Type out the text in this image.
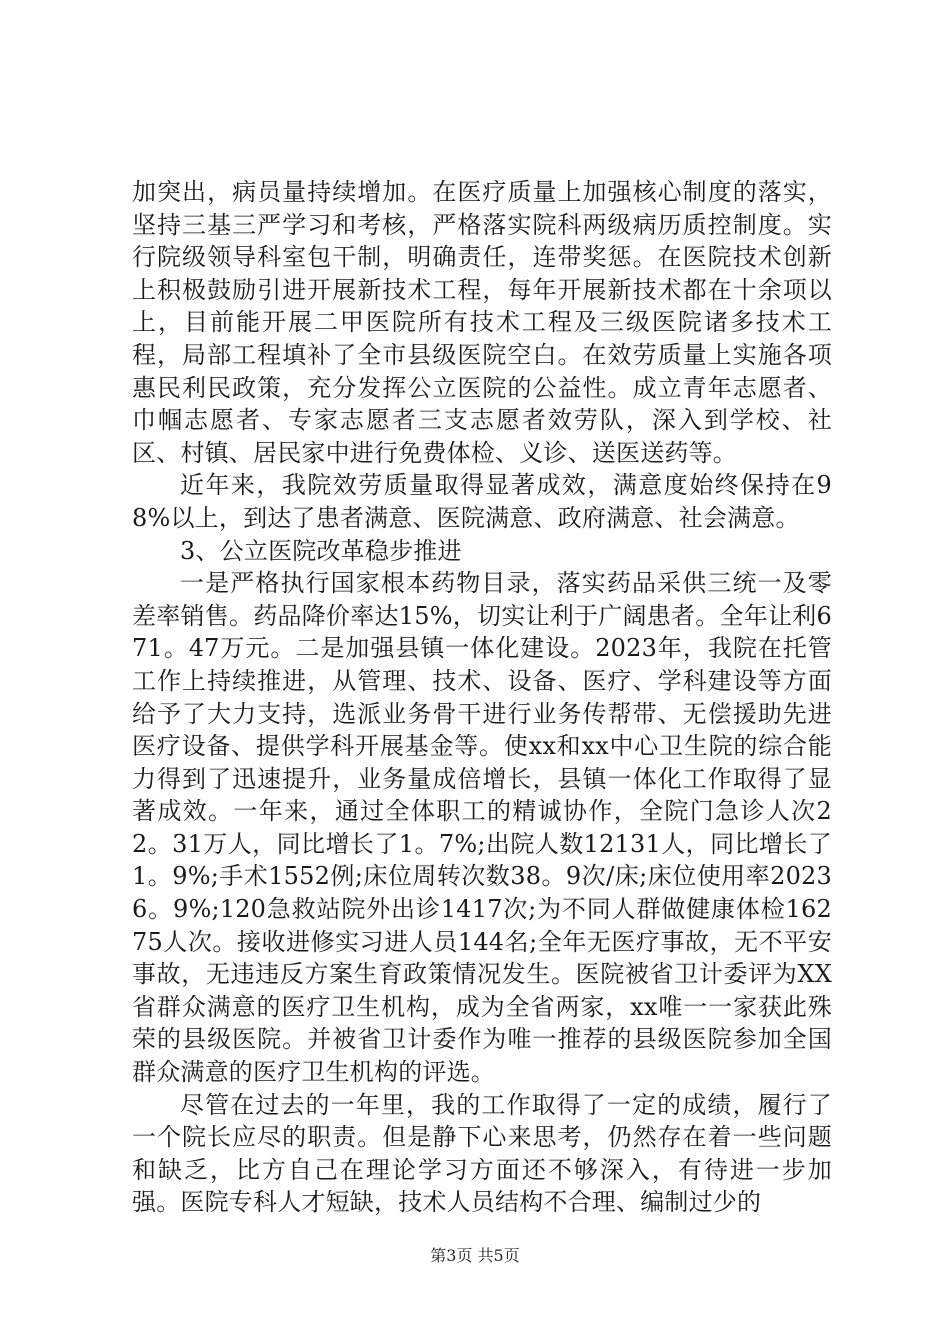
加突出，病员量持续增加。在医疗质量上加强核心制度的落实，坚持三基三严学习和考核，严格落实院科两级病历质控制度。实行院级领导科室包干制，明确责任，连带奖惩。在医院技术创新上积极鼓励引进开展新技术工程，每年开展新技术都在十余项以上，目前能开展二甲医院所有技术工程及三级医院诸多技术工程，局部工程填补了全市县级医院空白。在效劳质量上实施各项惠民利民政策，充分发挥公立医院的公益性。成立青年志愿者、巾帼志愿者、专家志愿者三支志愿者效劳队，深入到学校、社区、村镇、居民家中进行免费体检、义诊、送医送药等。

近年来，我院效劳质量取得显著成效，满意度始终保持在98%以上，到达了患者满意、医院满意、政府满意、社会满意。

3、公立医院改革稳步推进

一是严格执行国家根本药物目录，落实药品采供三统一及零差率销售。药品降价率达15%，切实让利于广阔患者。全年让利671。47万元。二是加强县镇一体化建设。2023年，我院在托管工作上持续推进，从管理、技术、设备、医疗、学科建设等方面给予了大力支持，选派业务骨干进行业务传帮带、无偿援助先进医疗设备、提供学科开展基金等。使xx和xx中心卫生院的综合能力得到了迅速提升，业务量成倍增长，县镇一体化工作取得了显著成效。一年来，通过全体职工的精诚协作，全院门急诊人次22。31万人，同比增长了1。7%;出院人数12131人，同比增长了1。9%;手术1552例;床位周转次数38。9次/床;床位使用率20236。9%;120急救站院外出诊1417次;为不同人群做健康体检16275人次。接收进修实习进人员144名;全年无医疗事故，无不平安事故，无违违反方案生育政策情况发生。医院被省卫计委评为XX省群众满意的医疗卫生机构，成为全省两家，xx唯一一家获此殊荣的县级医院。并被省卫计委作为唯一推荐的县级医院参加全国群众满意的医疗卫生机构的评选。

尽管在过去的一年里，我的工作取得了一定的成绩，履行了一个院长应尽的职责。但是静下心来思考，仍然存在着一些问题和缺乏，比方自己在理论学习方面还不够深入，有待进一步加强。医院专科人才短缺，技术人员结构不合理、编制过少的

第3页 共5页
